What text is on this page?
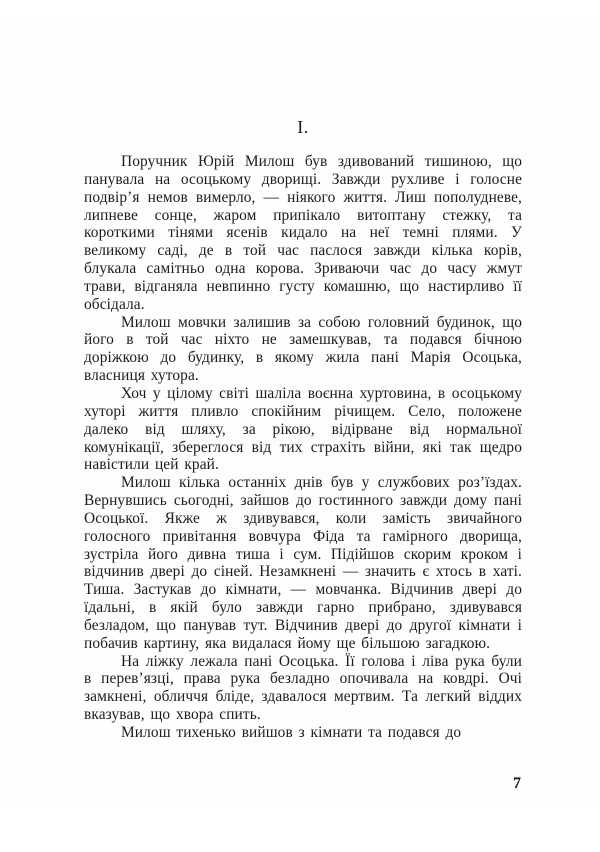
I.

Поручник Юрій Милош був здивований тишиною, що панувала на осоцькому дворищі. Завжди рухливе і голосне подвір’я немов вимерло, — ніякого життя. Лиш пополудневе, липневе сонце, жаром припікало витоптану стежку, та короткими тінями ясенів кидало на неї темні плями. У великому саді, де в той час паслося завжди кілька корів, блукала самітньо одна корова. Зриваючи час до часу жмут трави, відганяла невпинно густу комашню, що настирливо її обсідала.

Милош мовчки залишив за собою головний будинок, що його в той час ніхто не замешкував, та подався бічною доріжкою до будинку, в якому жила пані Марія Осоцька, власниця хутора.

Хоч у цілому світі шаліла воєнна хуртовина, в осоцькому хуторі життя пливло спокійним річищем. Село, положене далеко від шляху, за рікою, відірване від нормальної комунікації, збереглося від тих страхіть війни, які так щедро навістили цей край.

Милош кілька останніх днів був у службових роз’їздах. Вернувшись сьогодні, зайшов до гостинного завжди дому пані Осоцької. Якже ж здивувався, коли замість звичайного голосного привітання вовчура Фіда та гамірного дворища, зустріла його дивна тиша і сум. Підійшов скорим кроком і відчинив двері до сіней. Незамкнені — значить є хтось в хаті. Тиша. Застукав до кімнати, — мовчанка. Відчинив двері до їдальні, в якій було завжди гарно прибрано, здивувався безладом, що панував тут. Відчинив двері до другої кімнати і побачив картину, яка видалася йому ще більшою загадкою.

На ліжку лежала пані Осоцька. Її голова і ліва рука були в перев’язці, права рука безладно опочивала на ковдрі. Очі замкнені, обличчя бліде, здавалося мертвим. Та легкий віддих вказував, що хвора спить.

Милош тихенько вийшов з кімнати та подався до

7
